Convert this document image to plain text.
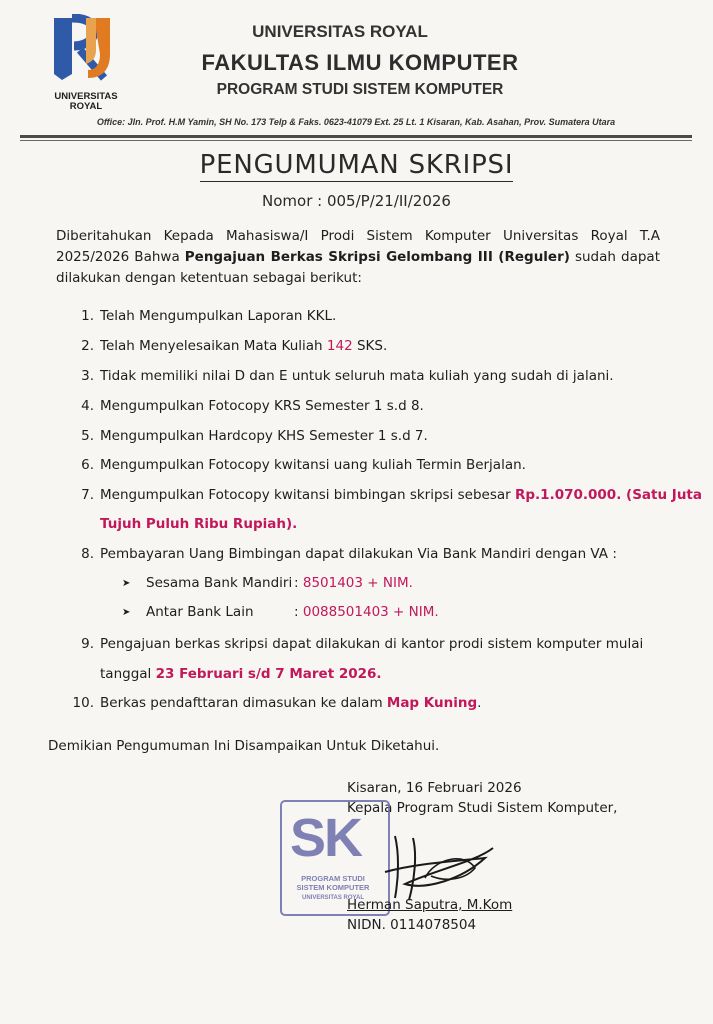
UNIVERSITAS ROYAL
UNIVERSITAS ROYAL
FAKULTAS ILMU KOMPUTER
PROGRAM STUDI SISTEM KOMPUTER
Office: Jln. Prof. H.M Yamin, SH No. 173 Telp & Faks. 0623-41079 Ext. 25 Lt. 1 Kisaran, Kab. Asahan, Prov. Sumatera Utara
PENGUMUMAN SKRIPSI
Nomor : 005/P/21/II/2026
Diberitahukan Kepada Mahasiswa/I Prodi Sistem Komputer Universitas Royal T.A 2025/2026 Bahwa Pengajuan Berkas Skripsi Gelombang III (Reguler) sudah dapat dilakukan dengan ketentuan sebagai berikut:
1. Telah Mengumpulkan Laporan KKL.
2. Telah Menyelesaikan Mata Kuliah 142 SKS.
3. Tidak memiliki nilai D dan E untuk seluruh mata kuliah yang sudah di jalani.
4. Mengumpulkan Fotocopy KRS Semester 1 s.d 8.
5. Mengumpulkan Hardcopy KHS Semester 1 s.d 7.
6. Mengumpulkan Fotocopy kwitansi uang kuliah Termin Berjalan.
7. Mengumpulkan Fotocopy kwitansi bimbingan skripsi sebesar Rp.1.070.000. (Satu Juta
Tujuh Puluh Ribu Rupiah).
8. Pembayaran Uang Bimbingan dapat dilakukan Via Bank Mandiri dengan VA :
➤ Sesama Bank Mandiri : 8501403 + NIM.
➤ Antar Bank Lain	: 0088501403 + NIM.
9. Pengajuan berkas skripsi dapat dilakukan di kantor prodi sistem komputer mulai
tanggal 23 Februari s/d 7 Maret 2026.
10. Berkas pendafttaran dimasukan ke dalam Map Kuning.
Demikian Pengumuman Ini Disampaikan Untuk Diketahui.
Kisaran, 16 Februari 2026
Kepala Program Studi Sistem Komputer,
SK
PROGRAM STUDI
SISTEM KOMPUTER
UNIVERSITAS ROYAL
Herman Saputra, M.Kom
NIDN. 0114078504
